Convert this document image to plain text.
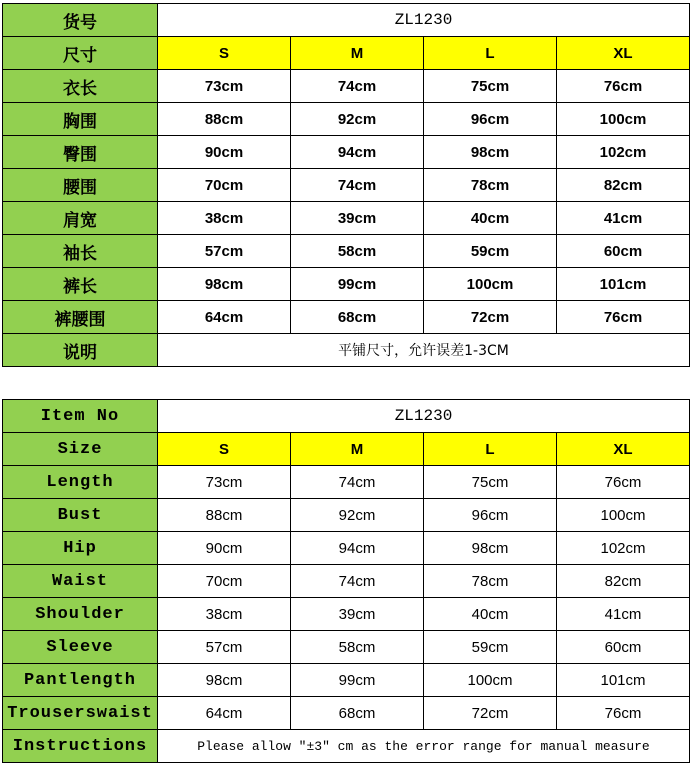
货号	ZL1230			
尺寸	S	M	L	XL
衣长	73cm	74cm	75cm	76cm
胸围	88cm	92cm	96cm	100cm
臀围	90cm	94cm	98cm	102cm
腰围	70cm	74cm	78cm	82cm
肩宽	38cm	39cm	40cm	41cm
袖长	57cm	58cm	59cm	60cm
裤长	98cm	99cm	100cm	101cm
裤腰围	64cm	68cm	72cm	76cm
说明	平铺尺寸，允许误差1-3CM			
Item No	ZL1230			
Size	S	M	L	XL
Length	73cm	74cm	75cm	76cm
Bust	88cm	92cm	96cm	100cm
Hip	90cm	94cm	98cm	102cm
Waist	70cm	74cm	78cm	82cm
Shoulder	38cm	39cm	40cm	41cm
Sleeve	57cm	58cm	59cm	60cm
Pantlength	98cm	99cm	100cm	101cm
Trouserswaist	64cm	68cm	72cm	76cm
Instructions	Please allow "±3" cm as the error range for manual measure			
